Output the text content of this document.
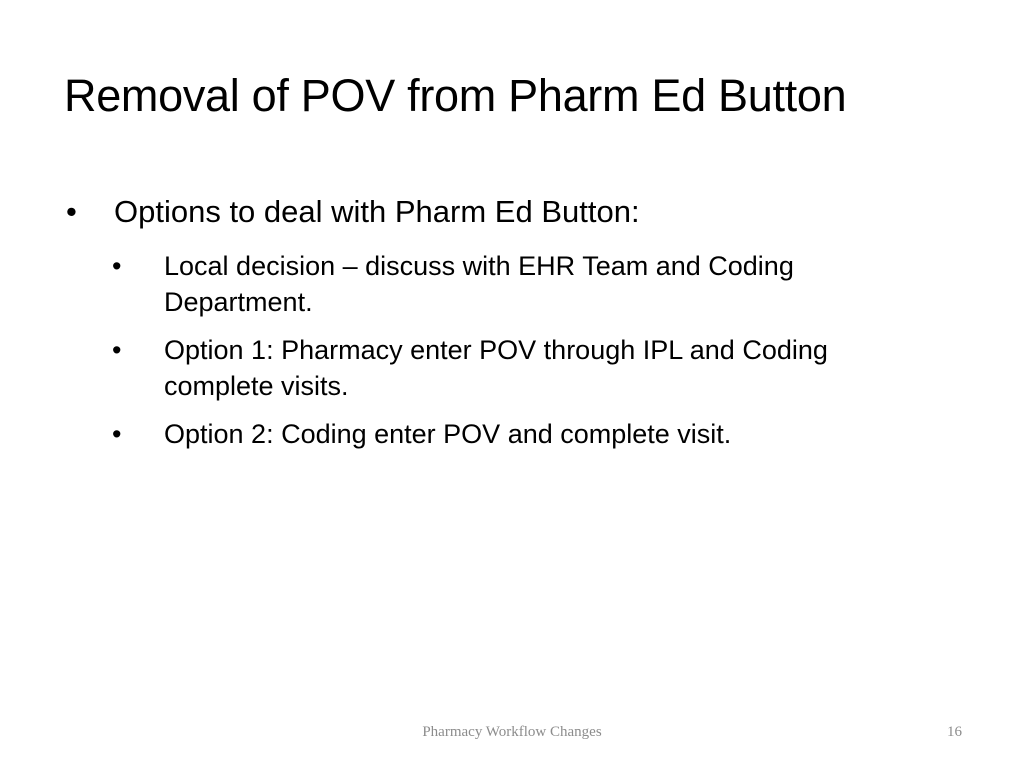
Removal of POV from Pharm Ed Button
• Options to deal with Pharm Ed Button:
• Local decision – discuss with EHR Team and Coding Department.
• Option 1: Pharmacy enter POV through IPL and Coding complete visits.
• Option 2: Coding enter POV and complete visit.
Pharmacy Workflow Changes	16
